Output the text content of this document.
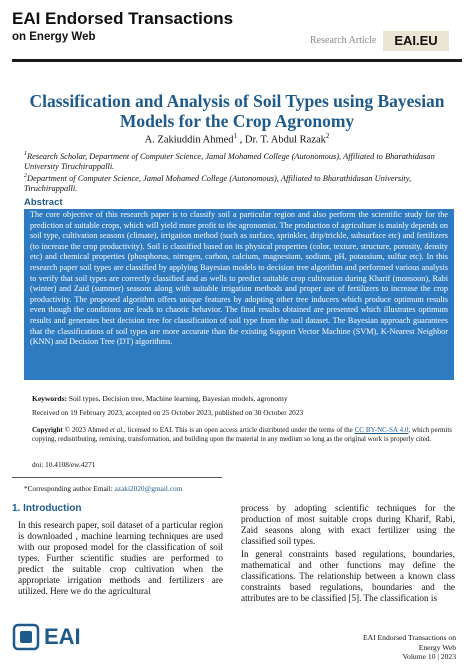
EAI Endorsed Transactions
on Energy Web	Research Article	EAI.EU
Classification and Analysis of Soil Types using Bayesian Models for the Crop Agronomy
A. Zakiuddin Ahmed$^1$ , Dr. T. Abdul Razak$^2$
$^1$Research Scholar, Department of Computer Science, Jamal Mohamed College (Autonomous), Affiliated to Bharathidasan University Tiruchirappalli.
$^2$Department of Computer Science, Jamal Mohamed College (Autonomous), Affiliated to Bharathidasan University, Tiruchirappalli.
Abstract
The core objective of this research paper is to classify soil a particular region and also perform the scientific study for the prediction of suitable crops, which will yield more profit to the agronomist. The production of agriculture is mainly depends on soil type, cultivation seasons (climate), irrigation method (such as surface, sprinkler, drip/trickle, subsurface etc) and fertilizers (to increase the crop productivity). Soil is classified based on its physical properties (color, texture, structure, porosity, density etc) and chemical properties (phosphorus, nitrogen, carbon, calcium, magnesium, sodium, pH, potassium, sulfur etc). In this research paper soil types are classified by applying Bayesian models to decision tree algorithm and performed various analysis to verify that soil types are correctly classified and as wells to predict suitable crop cultivation during Kharif (monsoon), Rabi (winter) and Zaid (summer) seasons along with suitable irrigation methods and proper use of fertilizers to increase the crop productivity. The proposed algorithm offers unique features by adopting other tree inducers which produce optimum results even though the conditions are leads to chaotic behavior. The final results obtained are presented which illustrates optimum results and generates best decision tree for classification of soil type from the soil dataset. The Bayesian approach guarantees that the classifications of soil types are more accurate than the existing Support Vector Machine (SVM), K-Nearest Neighbor (KNN) and Decision Tree (DT) algorithms.
Keywords: Soil types, Decision tree, Machine learning, Bayesian models, agronomy
Received on 19 February 2023, accepted on 25 October 2023, published on 30 October 2023
Copyright © 2023 Ahmed et al., licensed to EAI. This is an open access article distributed under the terms of the CC BY-NC-SA 4.0, which permits copying, redistributing, remixing, transformation, and building upon the material in any medium so long as the original work is properly cited.
doi: 10.4108/ew.4271
*Corresponding author Email: azaki2020@gmail.com
1. Introduction
In this research paper, soil dataset of a particular region is downloaded , machine learning techniques are used with our proposed model for the classification of soil types. Further scientific studies are performed to predict the suitable crop cultivation when the appropriate irrigation methods and fertilizers are utilized. Here we do the agricultural

process by adopting scientific techniques for the production of most suitable crops during Kharif, Rabi, Zaid seasons along with exact fertilizer using the classified soil types.

In general constraints based regulations, boundaries, mathematical and other functions may define the classifications. The relationship between a known class constraints based regulations, boundaries and the attributes are to be classified [5]. The classification is

EAI	EAI Endorsed Transactions on
Energy Web
Volume 10 | 2023
